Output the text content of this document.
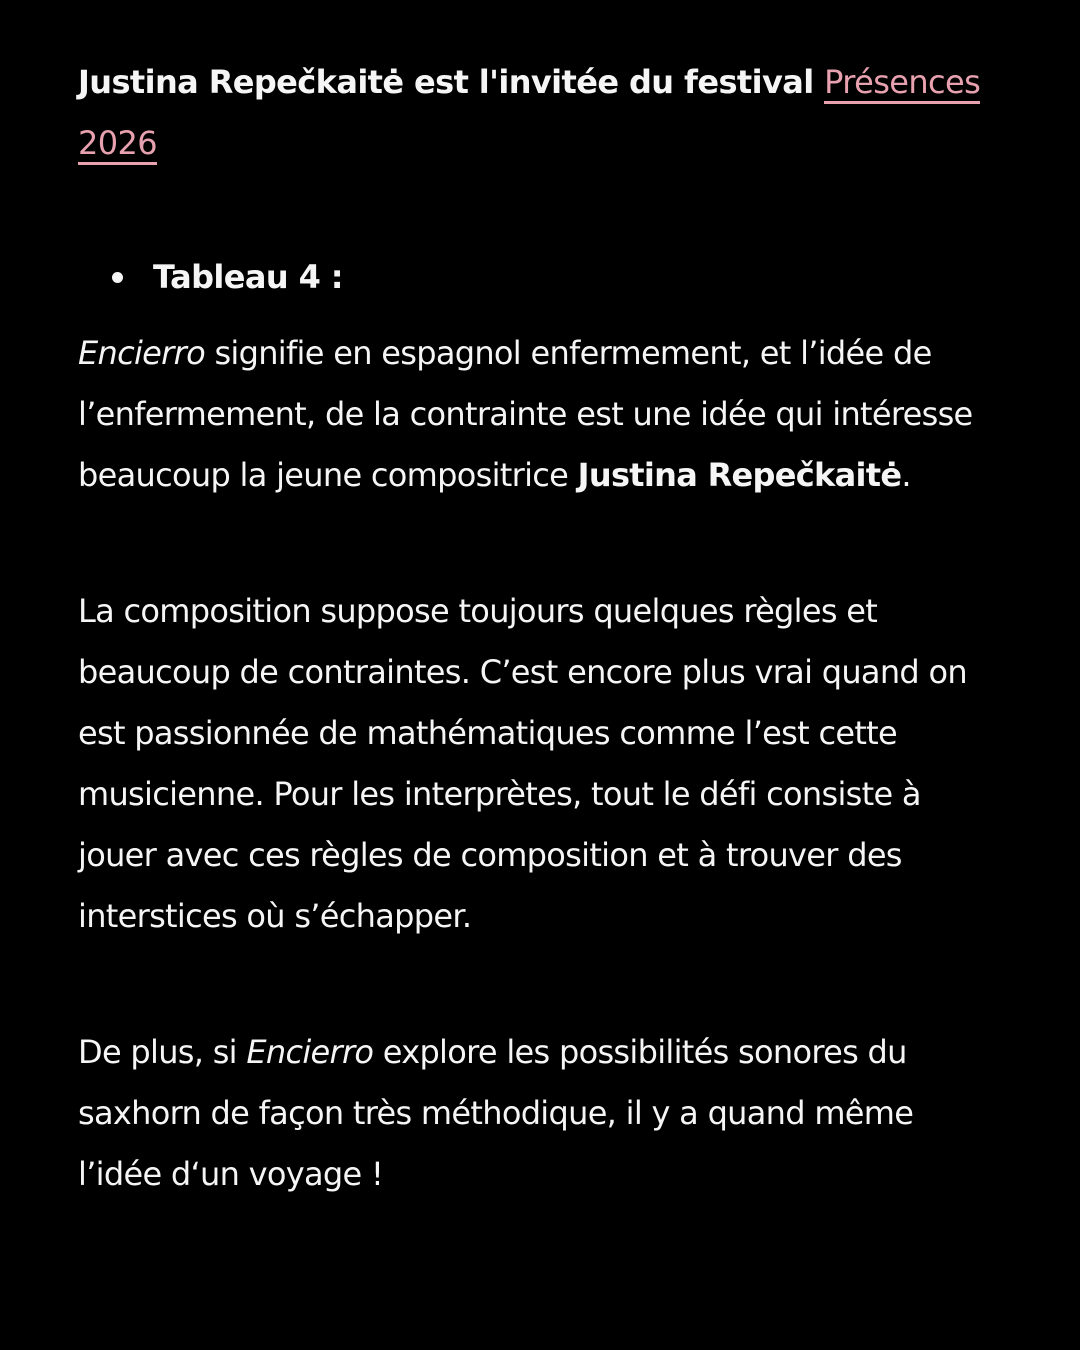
Justina Repečkaitė est l'invitée du festival Présences 2026
Tableau 4 :

Encierro signifie en espagnol enfermement, et l’idée de l’enfermement, de la contrainte est une idée qui intéresse beaucoup la jeune compositrice Justina Repečkaitė.

La composition suppose toujours quelques règles et beaucoup de contraintes. C’est encore plus vrai quand on est passionnée de mathématiques comme l’est cette musicienne. Pour les interprètes, tout le défi consiste à jouer avec ces règles de composition et à trouver des interstices où s’échapper.

De plus, si Encierro explore les possibilités sonores du saxhorn de façon très méthodique, il y a quand même l’idée d‘un voyage !
